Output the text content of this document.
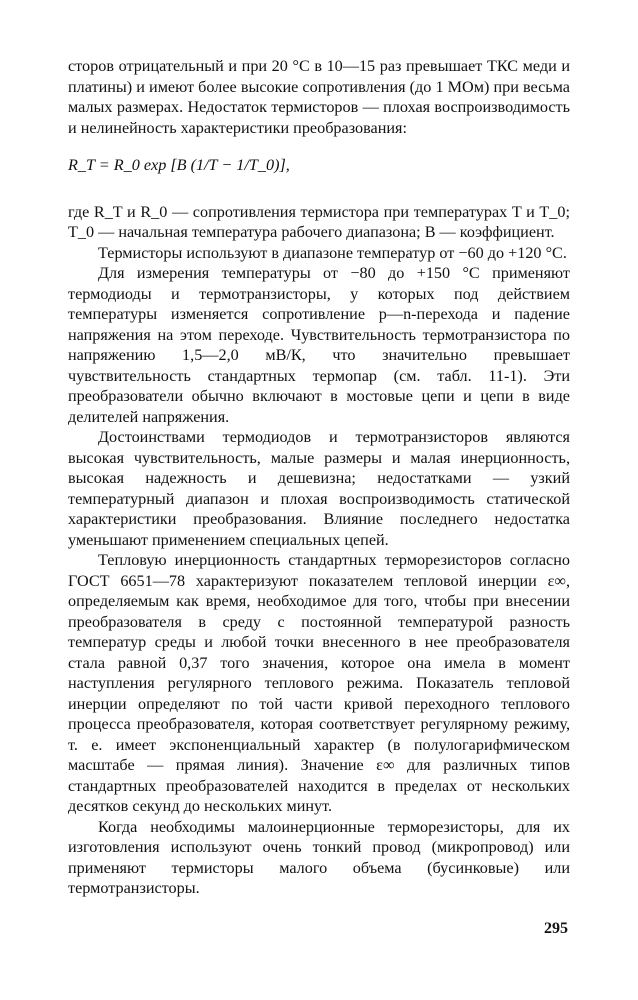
сторов отрицательный и при 20 °C в 10—15 раз превышает ТКС меди и платины) и имеют более высокие сопротивления (до 1 МОм) при весьма малых размерах. Недостаток термисторов — плохая воспроизводимость и нелинейность характеристики преобразования:

R_T = R_0 exp [B (1/T − 1/T_0)],

где R_T и R_0 — сопротивления термистора при температурах T и T_0; T_0 — начальная температура рабочего диапазона; B — коэффициент.

Термисторы используют в диапазоне температур от −60 до +120 °C.

Для измерения температуры от −80 до +150 °C применяют термодиоды и термотранзисторы, у которых под действием температуры изменяется сопротивление p—n-перехода и падение напряжения на этом переходе. Чувствительность термотранзистора по напряжению 1,5—2,0 мВ/К, что значительно превышает чувствительность стандартных термопар (см. табл. 11-1). Эти преобразователи обычно включают в мостовые цепи и цепи в виде делителей напряжения.

Достоинствами термодиодов и термотранзисторов являются высокая чувствительность, малые размеры и малая инерционность, высокая надежность и дешевизна; недостатками — узкий температурный диапазон и плохая воспроизводимость статической характеристики преобразования. Влияние последнего недостатка уменьшают применением специальных цепей.

Тепловую инерционность стандартных терморезисторов согласно ГОСТ 6651—78 характеризуют показателем тепловой инерции ε∞, определяемым как время, необходимое для того, чтобы при внесении преобразователя в среду с постоянной температурой разность температур среды и любой точки внесенного в нее преобразователя стала равной 0,37 того значения, которое она имела в момент наступления регулярного теплового режима. Показатель тепловой инерции определяют по той части кривой переходного теплового процесса преобразователя, которая соответствует регулярному режиму, т. е. имеет экспоненциальный характер (в полулогарифмическом масштабе — прямая линия). Значение ε∞ для различных типов стандартных преобразователей находится в пределах от нескольких десятков секунд до нескольких минут.

Когда необходимы малоинерционные терморезисторы, для их изготовления используют очень тонкий провод (микропровод) или применяют термисторы малого объема (бусинковые) или термотранзисторы.

295
